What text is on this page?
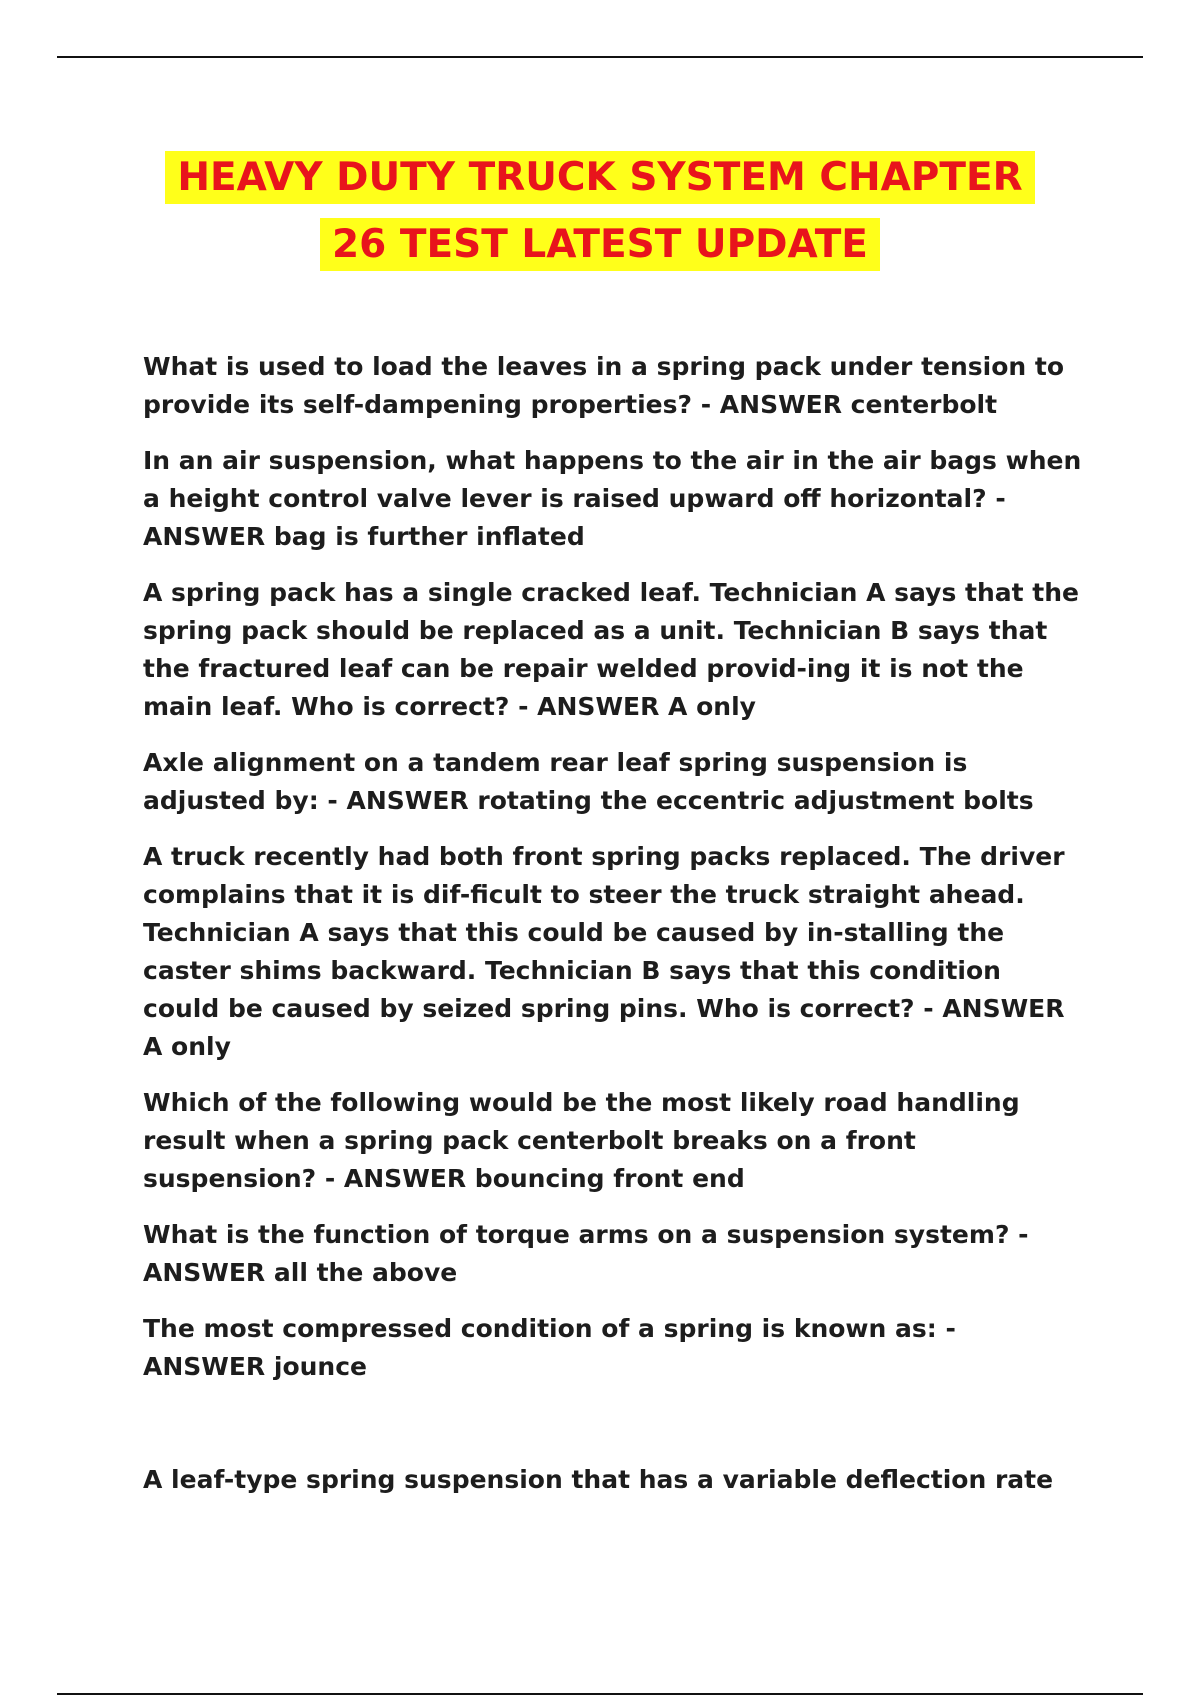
HEAVY DUTY TRUCK SYSTEM CHAPTER
26 TEST LATEST UPDATE

What is used to load the leaves in a spring pack under tension to provide its self-dampening properties? - ANSWER centerbolt

In an air suspension, what happens to the air in the air bags when a height control valve lever is raised upward off horizontal? - ANSWER bag is further inflated

A spring pack has a single cracked leaf. Technician A says that the spring pack should be replaced as a unit. Technician B says that the fractured leaf can be repair welded provid-ing it is not the main leaf. Who is correct? - ANSWER A only

Axle alignment on a tandem rear leaf spring suspension is adjusted by: - ANSWER rotating the eccentric adjustment bolts

A truck recently had both front spring packs replaced. The driver complains that it is dif-ficult to steer the truck straight ahead. Technician A says that this could be caused by in-stalling the caster shims backward. Technician B says that this condition could be caused by seized spring pins. Who is correct? - ANSWER A only

Which of the following would be the most likely road handling result when a spring pack centerbolt breaks on a front suspension? - ANSWER bouncing front end

What is the function of torque arms on a suspension system? - ANSWER all the above

The most compressed condition of a spring is known as: - ANSWER jounce

A leaf-type spring suspension that has a variable deflection rate
